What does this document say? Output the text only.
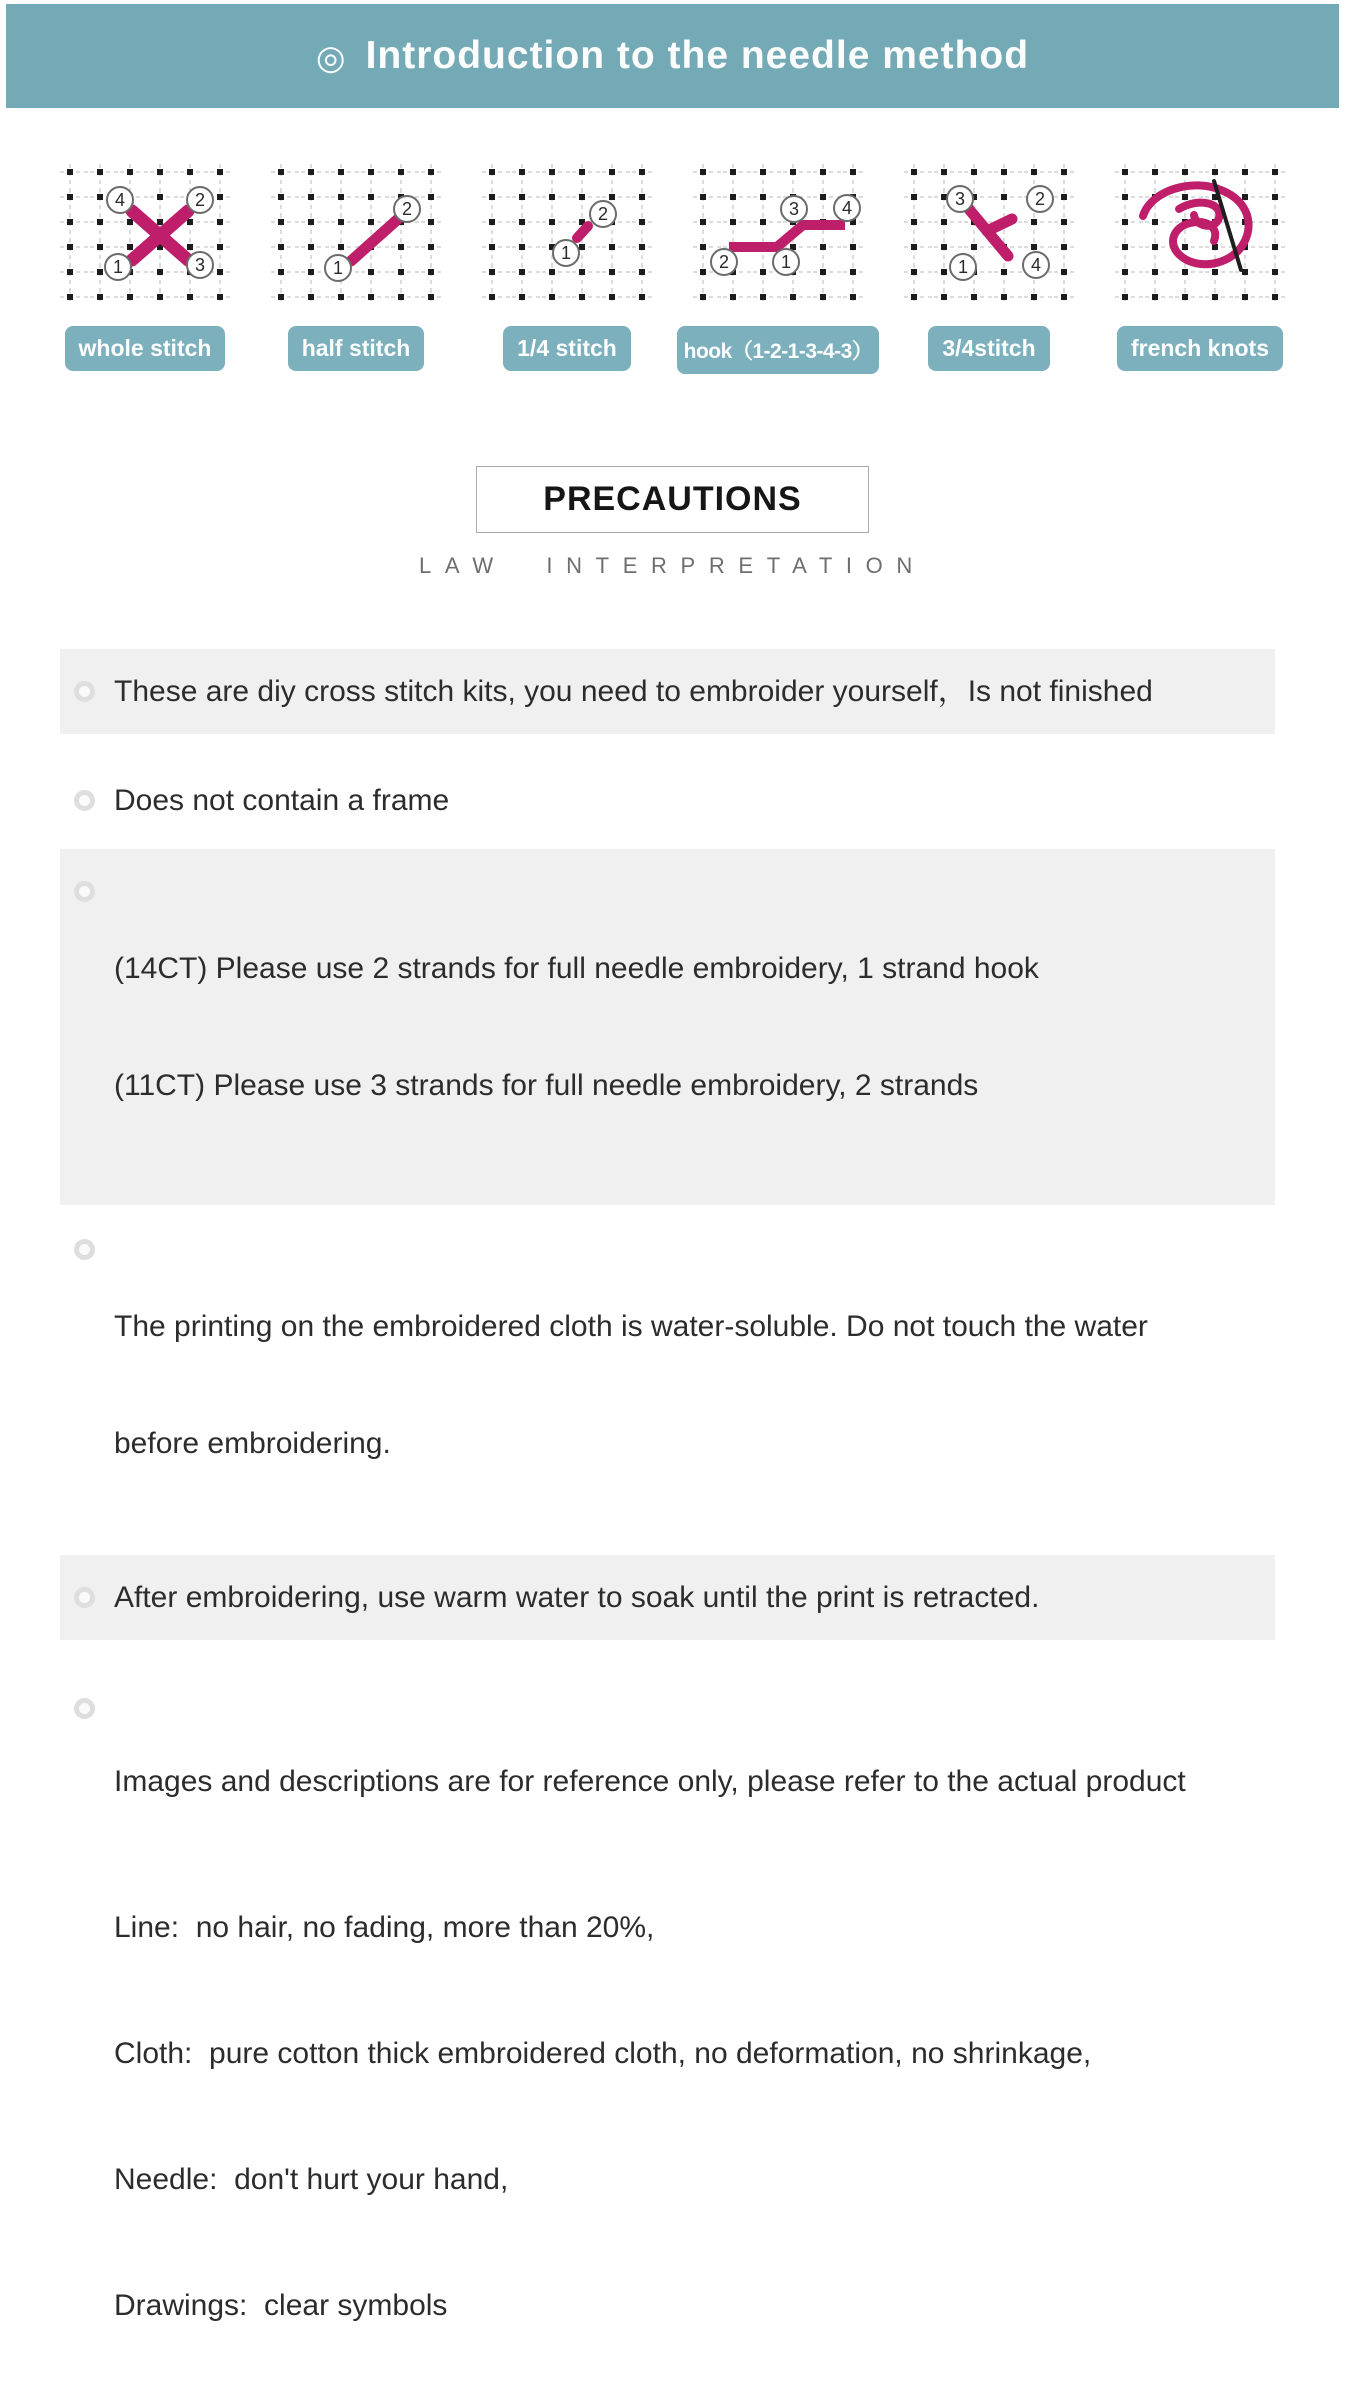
◎ Introduction to the needle method
4	2
1	3
whole stitch
2
1
half stitch
2
1
1/4 stitch
3 4
2	1
hook（1-2-1-3-4-3）
3	2
1	4
3/4stitch	french knots
PRECAUTIONS
LAW INTERPRETATION
These are diy cross stitch kits, you need to embroider yourself，Is not finished
Does not contain a frame

(14CT) Please use 2 strands for full needle embroidery, 1 strand hook

(11CT) Please use 3 strands for full needle embroidery, 2 strands

The printing on the embroidered cloth is water-soluble. Do not touch the water

before embroidering.

After embroidering, use warm water to soak until the print is retracted.

Images and descriptions are for reference only, please refer to the actual product

Line:  no hair, no fading, more than 20%,

Cloth:  pure cotton thick embroidered cloth, no deformation, no shrinkage,

Needle:  don't hurt your hand,

Drawings:  clear symbols
